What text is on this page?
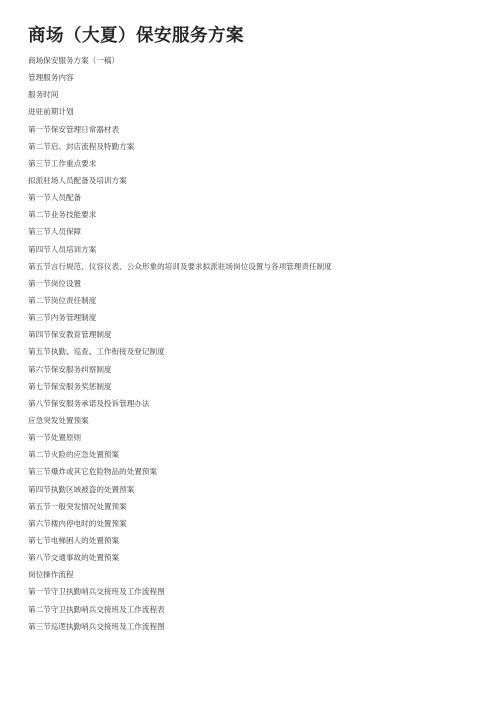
商场（大夏）保安服务方案
商场保安服务方案（一稿）
管理服务内容
服务时间
进驻前期计划
第一节保安管理日常器材表
第二节启、封店流程及特勤方案
第三节工作重点要求
拟派驻场人员配备及培训方案
第一节人员配备
第二节业务技能要求
第三节人员保障
第四节人员培训方案
第五节言行规范、仪容仪表、公众形象的培训及要求拟派驻场岗位设置与各项管理责任制度
第一节岗位设置
第二节岗位责任制度
第三节内务管理制度
第四节保安教育管理制度
第五节执勤、巡查、工作衔接及登记制度
第六节保安服务纠察制度
第七节保安服务奖惩制度
第八节保安服务承诺及投诉管理办法
应急突发处置预案
第一节处置原则
第二节火险的应急处置预案
第三节爆炸或其它危险物品的处置预案
第四节执勤区域被盗的处置预案
第五节一般突发情况处置预案
第六节楼内停电时的处置预案
第七节电梯困人的处置预案
第八节交通事故的处置预案
岗位操作流程
第一节守卫执勤哨兵交接班及工作流程图
第二节守卫执勤哨兵交接班及工作流程表
第三节巡逻执勤哨兵交接班及工作流程图
